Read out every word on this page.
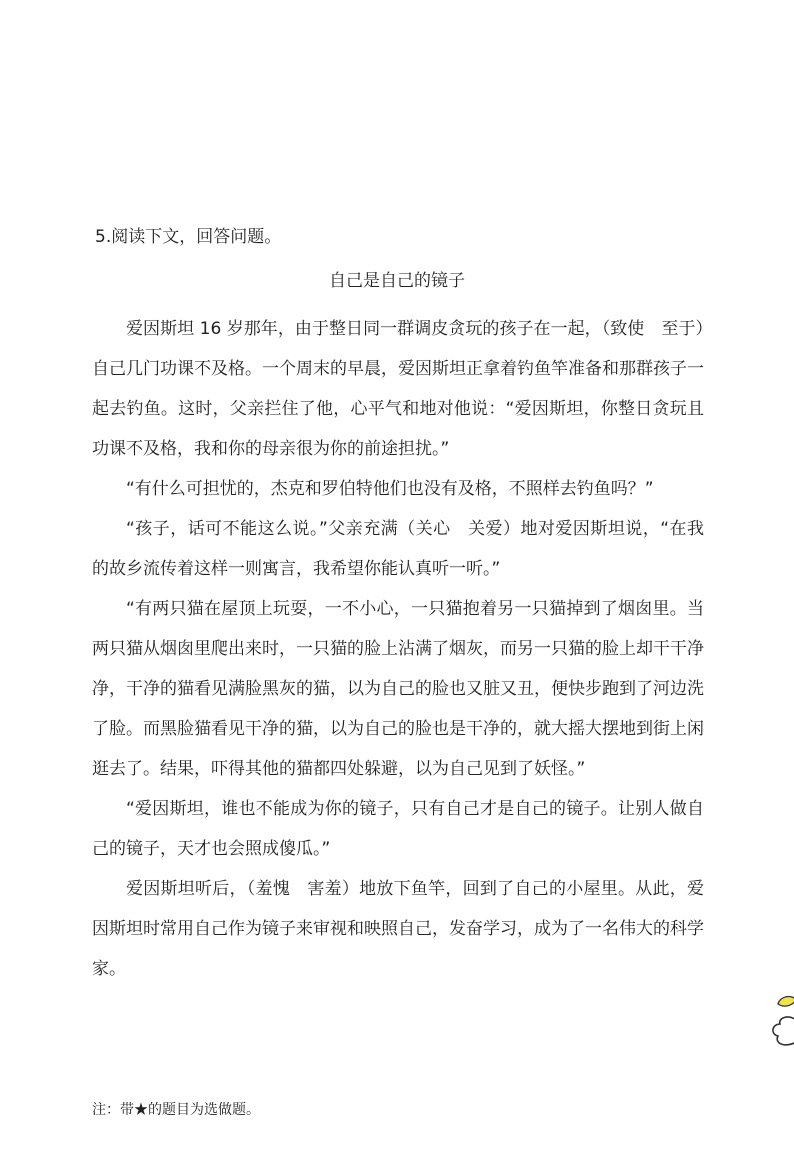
5.阅读下文，回答问题。
自己是自己的镜子

爱因斯坦 16 岁那年，由于整日同一群调皮贪玩的孩子在一起，（致使　至于）自己几门功课不及格。一个周末的早晨，爱因斯坦正拿着钓鱼竿准备和那群孩子一起去钓鱼。这时，父亲拦住了他，心平气和地对他说：“爱因斯坦，你整日贪玩且功课不及格，我和你的母亲很为你的前途担扰。”

“有什么可担忧的，杰克和罗伯特他们也没有及格，不照样去钓鱼吗？”

“孩子，话可不能这么说。”父亲充满（关心　关爱）地对爱因斯坦说，“在我的故乡流传着这样一则寓言，我希望你能认真听一听。”

“有两只猫在屋顶上玩耍，一不小心，一只猫抱着另一只猫掉到了烟囱里。当两只猫从烟囱里爬出来时，一只猫的脸上沾满了烟灰，而另一只猫的脸上却干干净净，干净的猫看见满脸黑灰的猫，以为自己的脸也又脏又丑，便快步跑到了河边洗了脸。而黑脸猫看见干净的猫，以为自己的脸也是干净的，就大摇大摆地到街上闲逛去了。结果，吓得其他的猫都四处躲避，以为自己见到了妖怪。”

“爱因斯坦，谁也不能成为你的镜子，只有自己才是自己的镜子。让别人做自己的镜子，天才也会照成傻瓜。”

爱因斯坦听后，（羞愧　害羞）地放下鱼竿，回到了自己的小屋里。从此，爱因斯坦时常用自己作为镜子来审视和映照自己，发奋学习，成为了一名伟大的科学家。

注：带★的题目为选做题。
